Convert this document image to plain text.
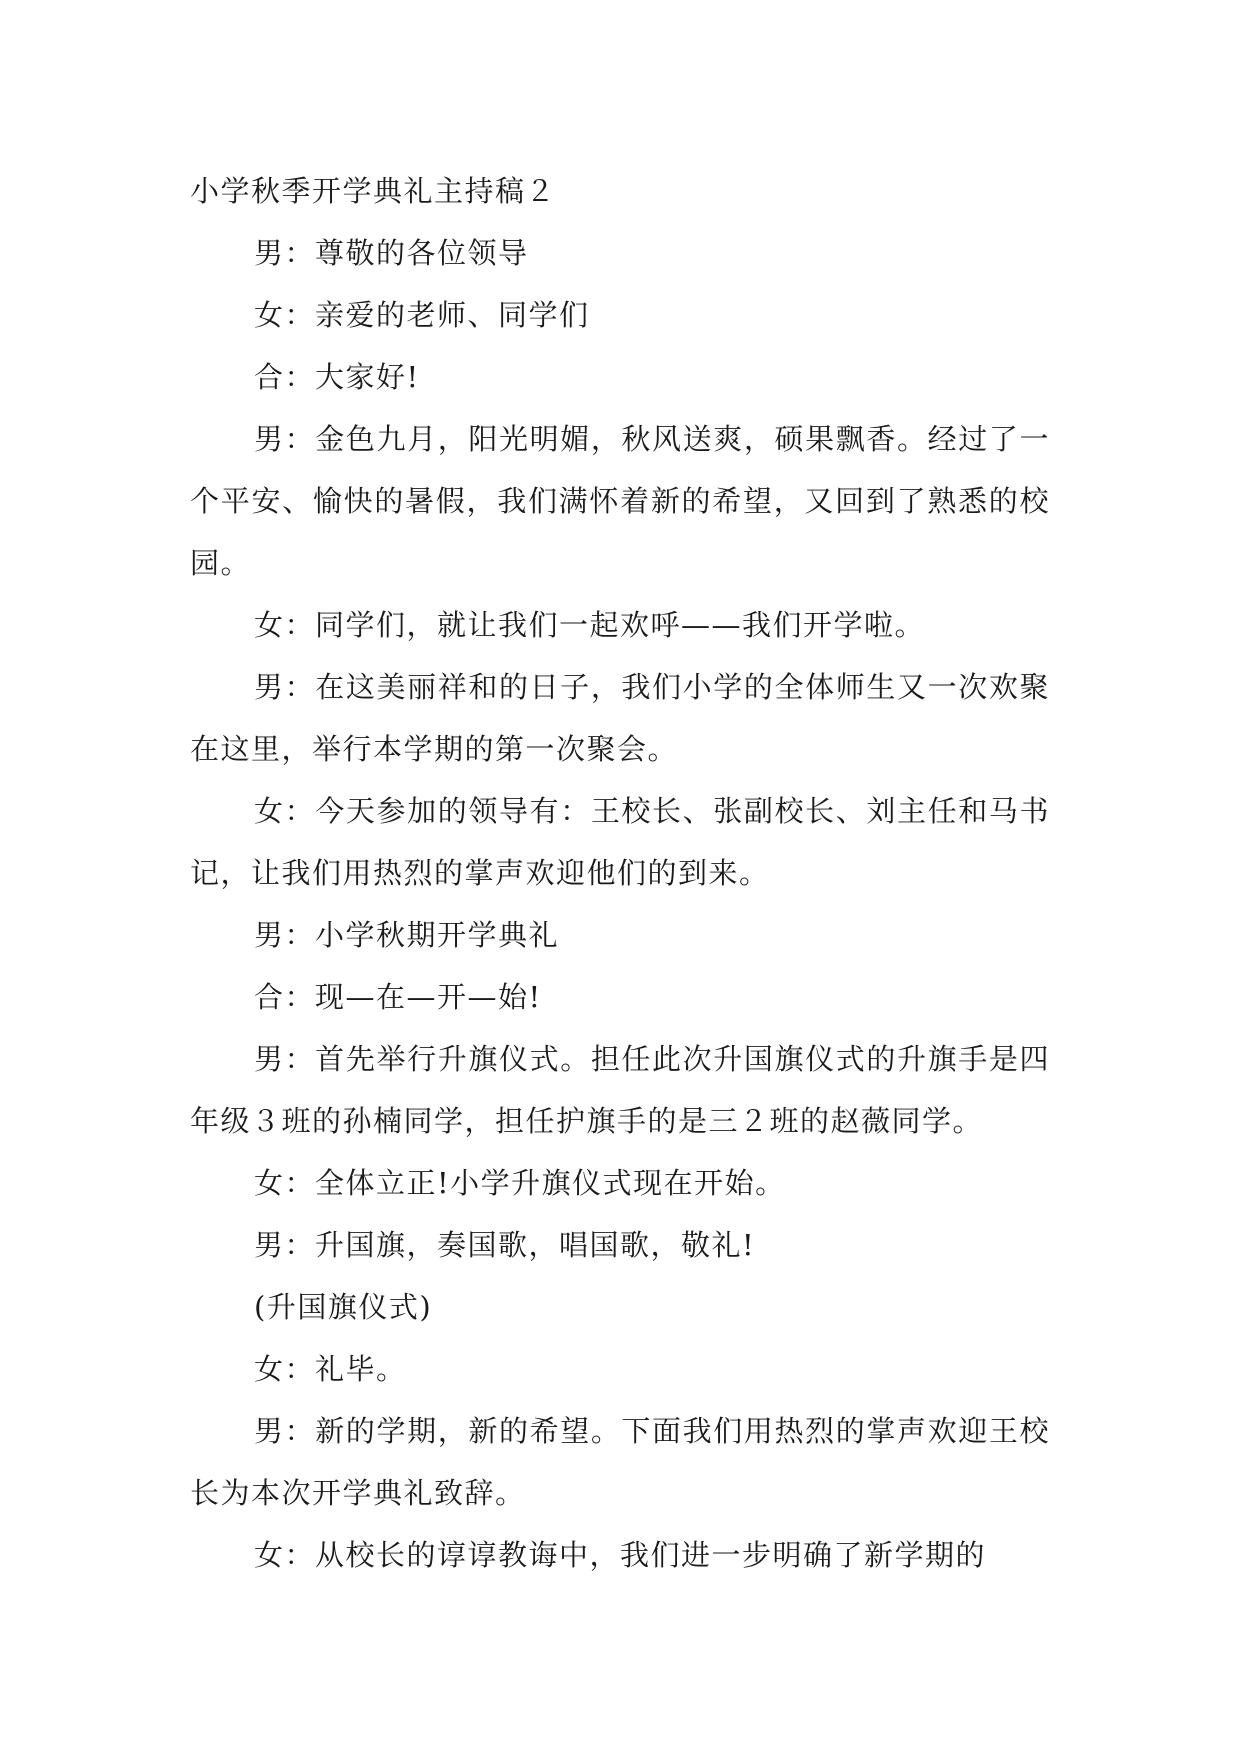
小学秋季开学典礼主持稿２

男：尊敬的各位领导

女：亲爱的老师、同学们

合：大家好!

男：金色九月，阳光明媚，秋风送爽，硕果飘香。经过了一个平安、愉快的暑假，我们满怀着新的希望，又回到了熟悉的校园。

女：同学们，就让我们一起欢呼——我们开学啦。

男：在这美丽祥和的日子，我们小学的全体师生又一次欢聚在这里，举行本学期的第一次聚会。

女：今天参加的领导有：王校长、张副校长、刘主任和马书记，让我们用热烈的掌声欢迎他们的到来。

男：小学秋期开学典礼

合：现—在—开—始!

男：首先举行升旗仪式。担任此次升国旗仪式的升旗手是四年级３班的孙楠同学，担任护旗手的是三２班的赵薇同学。

女：全体立正!小学升旗仪式现在开始。

男：升国旗，奏国歌，唱国歌，敬礼!

(升国旗仪式)

女：礼毕。

男：新的学期，新的希望。下面我们用热烈的掌声欢迎王校长为本次开学典礼致辞。

女：从校长的谆谆教诲中，我们进一步明确了新学期的
